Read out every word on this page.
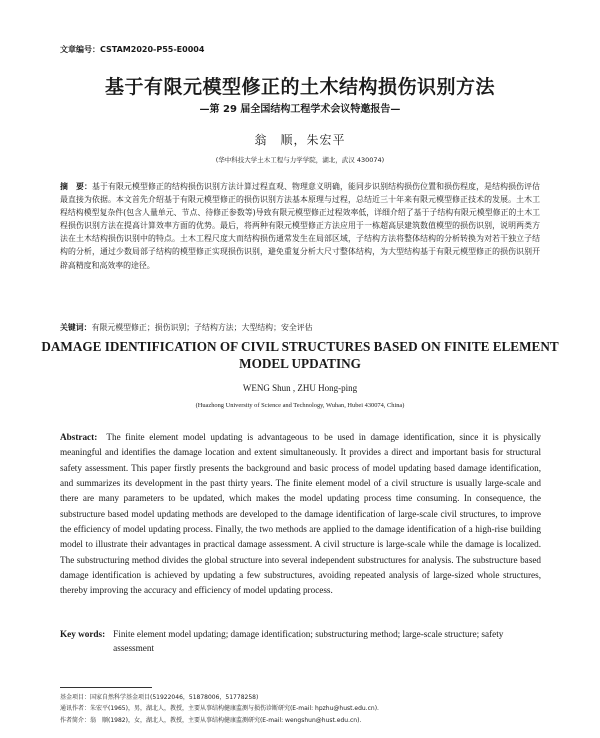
文章编号：CSTAM2020-P55-E0004
基于有限元模型修正的土木结构损伤识别方法
—第 29 届全国结构工程学术会议特邀报告—
翁　顺，朱宏平
(华中科技大学土木工程与力学学院，湖北，武汉 430074)
摘　要：基于有限元模型修正的结构损伤识别方法计算过程直观、物理意义明确，能同步识别结构损伤位置和损伤程度，是结构损伤评估最直接为依据。本文首先介绍基于有限元模型修正的损伤识别方法基本原理与过程，总结近三十年来有限元模型修正技术的发展。土木工程结构模型复杂件(包含人量单元、节点、待修正参数等)导致有限元模型修正过程效率低，详细介绍了基于子结构有限元模型修正的土木工程损伤识别方法在提高计算效率方面的优势。最后，将两种有限元模型修正方法应用于一栋超高层建筑数值模型的损伤识别，说明两类方法在土木结构损伤识别中的特点。土木工程尺度大而结构损伤通常发生在局部区域，子结构方法将整体结构的分析转换为对若干独立子结构的分析，通过少数局部子结构的模型修正实现损伤识别，避免重复分析大尺寸整体结构，为大型结构基于有限元模型修正的损伤识别开辟高精度和高效率的途径。
关键词：有限元模型修正；损伤识别；子结构方法；大型结构；安全评估
DAMAGE IDENTIFICATION OF CIVIL STRUCTURES BASED ON FINITE ELEMENT MODEL UPDATING
WENG Shun , ZHU Hong-ping
(Huazhong University of Science and Technology, Wuhan, Hubei 430074, China)
Abstract: The finite element model updating is advantageous to be used in damage identification, since it is physically meaningful and identifies the damage location and extent simultaneously. It provides a direct and important basis for structural safety assessment. This paper firstly presents the background and basic process of model updating based damage identification, and summarizes its development in the past thirty years. The finite element model of a civil structure is usually large-scale and there are many parameters to be updated, which makes the model updating process time consuming. In consequence, the substructure based model updating methods are developed to the damage identification of large-scale civil structures, to improve the efficiency of model updating process. Finally, the two methods are applied to the damage identification of a high-rise building model to illustrate their advantages in practical damage assessment. A civil structure is large-scale while the damage is localized. The substructuring method divides the global structure into several independent substructures for analysis. The substructure based damage identification is achieved by updating a few substructures, avoiding repeated analysis of large-sized whole structures, thereby improving the accuracy and efficiency of model updating process.
Key words: Finite element model updating; damage identification; substructuring method; large-scale structure; safety assessment
基金项目：国家自然科学基金项目(51922046，51878006，51778258)
通讯作者：朱宏平(1965)，男，湖北人，教授，主要从事结构健康监测与损伤诊断研究(E-mail: hpzhu@hust.edu.cn).
作者简介：翁　顺(1982)，女，湖北人，教授，主要从事结构健康监测研究(E-mail: wengshun@hust.edu.cn).
